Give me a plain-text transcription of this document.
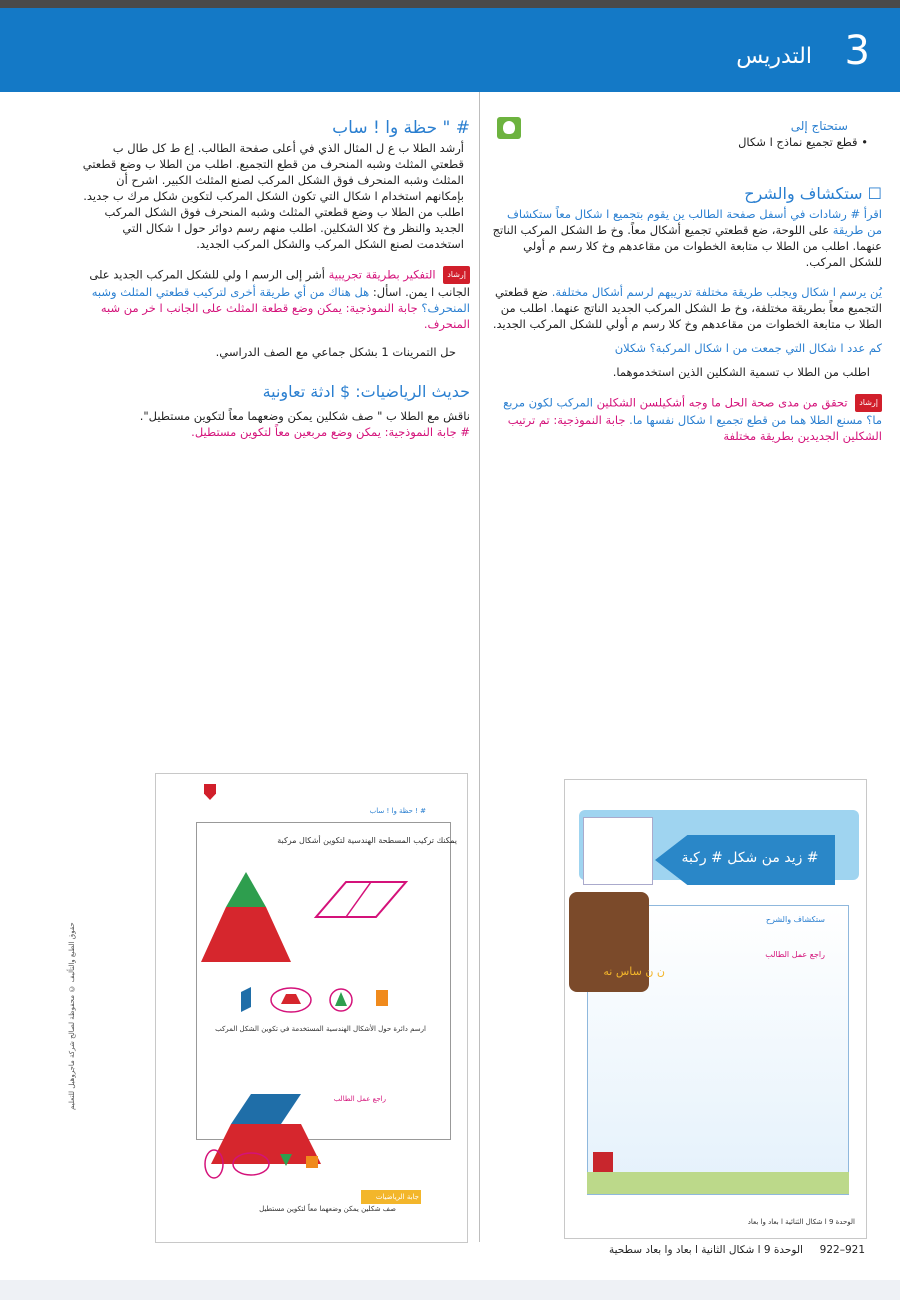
3
التدريس
ستحتاج إلى
• قطع تجميع نماذج ا شكال
☐ ستكشاف والشرح
اقرأ # رشادات في أسفل صفحة الطالب ين يقوم بتجميع ا شكال معاً ستكشاف من طريقة على اللوحة، ضع قطعتي تجميع أشكال معاً. وخ ط الشكل المركب الناتج عنهما. اطلب من الطلا ب متابعة الخطوات من مقاعدهم وخ كلا رسم م أولي للشكل المركب.
يُن يرسم ا شكال ويجلب طريقة مختلفة تدريبهم لرسم أشكال مختلفة. ضع قطعتي التجميع معاً بطريقة مختلفة، وخ ط الشكل المركب الجديد الناتج عنهما. اطلب من الطلا ب متابعة الخطوات من مقاعدهم وخ كلا رسم م أولي للشكل المركب الجديد.
كم عدد ا شكال التي جمعت من ا شكال المركبة؟ شكلان
اطلب من الطلا ب تسمية الشكلين الذين استخدموهما.
إرشاد تحقق من مدى صحة الحل ما وجه أشكيلسن الشكلين المركب لكون مربع ما؟ مسنع الطلا هما من قطع تجميع ا شكال نفسها ما. جابة النموذجية: تم ترتيب الشكلين الجديدين بطريقة مختلفة
# " حظة وا ! ساب
أرشد الطلا ب ع ل المثال الذي في أعلى صفحة الطالب. إع ط كل طال ب قطعتي المثلث وشبه المنحرف من قطع التجميع. اطلب من الطلا ب وضع قطعتي المثلث وشبه المنحرف فوق الشكل المركب لصنع المثلث الكبير. اشرح أن بإمكانهم استخدام ا شكال التي تكون الشكل المركب لتكوين شكل مرك ب جديد. اطلب من الطلا ب وضع قطعتي المثلث وشبه المنحرف فوق الشكل المركب الجديد والنظر وخ كلا الشكلين. اطلب منهم رسم دوائر حول ا شكال التي استخدمت لصنع الشكل المركب والشكل المركب الجديد.
إرشاد التفكير بطريقة تجريبية أشر إلى الرسم ا ولي للشكل المركب الجديد على الجانب ا يمن. اسأل: هل هناك من أي طريقة أخرى لتركيب قطعتي المثلث وشبه المنحرف؟ جابة النموذجية: يمكن وضع قطعة المثلث على الجانب ا خر من شبه المنحرف.
حل التمرينات 1 بشكل جماعي مع الصف الدراسي.
حديث الرياضيات: $ ادثة تعاونية
ناقش مع الطلا ب " صف شكلين يمكن وضعهما معاً لتكوين مستطيل".
# جابة النموذجية: يمكن وضع مربعين معاً لتكوين مستطيل.
# ! حظة وا ! ساب
يمكنك تركيب المسطحة الهندسية لتكوين أشكال مركبة
ارسم دائرة حول الأشكال الهندسية المستخدمة في تكوين الشكل المركب
راجع عمل الطالب
جابة الرياضيات
صف شكلين يمكن وضعهما معاً لتكوين مستطيل
# زيد من شكل # ركبة
ستكشاف والشرح
راجع عمل الطالب
ن ن ساس نه
الوحدة 9 ا شكال الثنائية ا بعاد وا بعاد
حقوق الطبع والتأليف © محفوظة لصالح شركة ماجروهيل للتعليم
921–922     الوحدة 9 ا شكال الثانية ا بعاد وا بعاد سطحية
